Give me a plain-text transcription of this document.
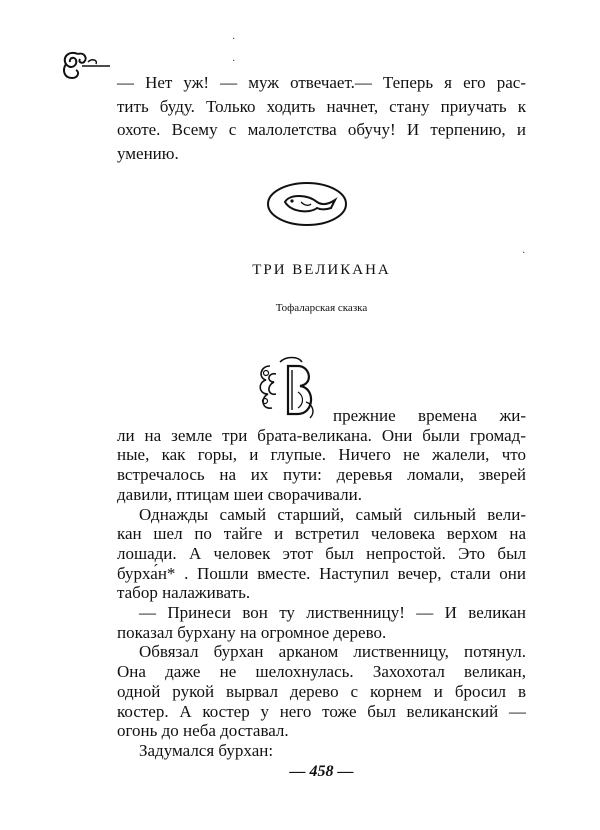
·
·
·
— Нет уж! — муж отвечает.— Теперь я его рас-
тить буду. Только ходить начнет, стану приучать к
охоте. Всему с малолетства обучу! И терпению, и
умению.
ТРИ ВЕЛИКАНА
Тофаларская сказка
прежние времена жи-
ли на земле три брата-великана. Они были громад-
ные, как горы, и глупые. Ничего не жалели, что
встречалось на их пути: деревья ломали, зверей
давили, птицам шеи сворачивали.
Однажды самый старший, самый сильный вели-
кан шел по тайге и встретил человека верхом на
лошади. А человек этот был непростой. Это был
бурха́н* . Пошли вместе. Наступил вечер, стали они
табор налаживать.
— Принеси вон ту лиственницу! — И великан
показал бурхану на огромное дерево.
Обвязал бурхан арканом лиственницу, потянул.
Она даже не шелохнулась. Захохотал великан,
одной рукой вырвал дерево с корнем и бросил в
костер. А костер у него тоже был великанский —
огонь до неба доставал.
Задумался бурхан:
— 458 —
